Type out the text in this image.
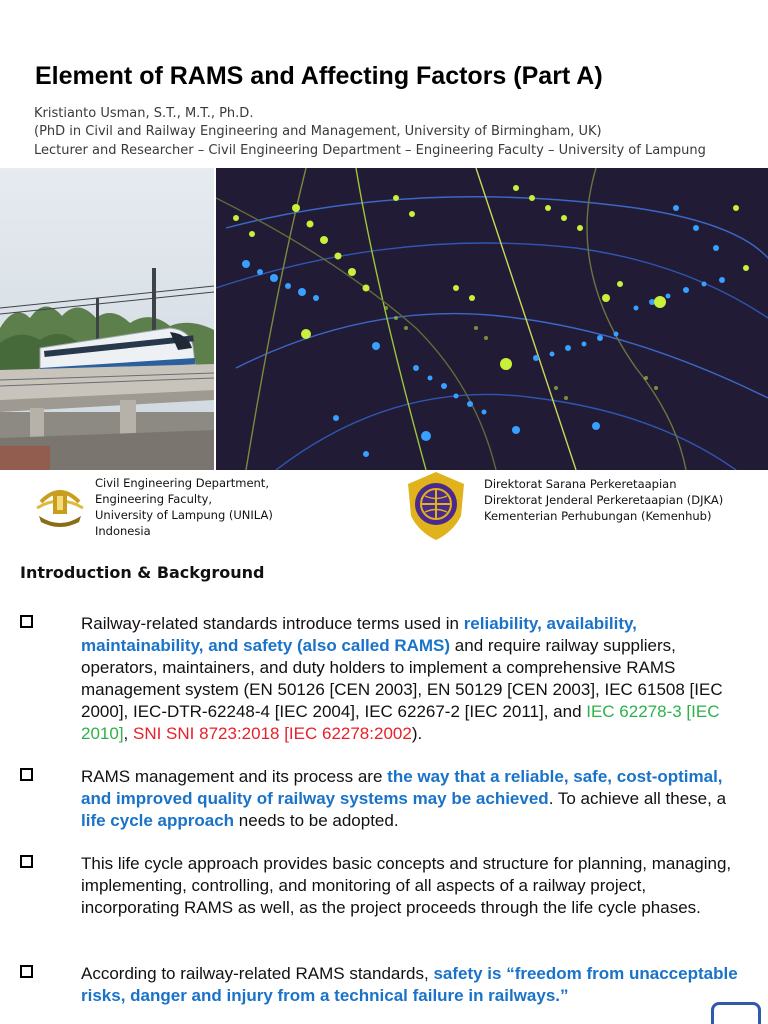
Element of RAMS and Affecting Factors (Part A)
Kristianto Usman, S.T., M.T., Ph.D.
(PhD in Civil and Railway Engineering and Management, University of Birmingham, UK)
Lecturer and Researcher – Civil Engineering Department – Engineering Faculty – University of Lampung
Civil Engineering Department,
Engineering Faculty,
University of Lampung (UNILA)
Indonesia
Direktorat Sarana Perkeretaapian
Direktorat Jenderal Perkeretaapian (DJKA)
Kementerian Perhubungan (Kemenhub)
Introduction & Background
Railway-related standards introduce terms used in reliability, availability, maintainability, and safety (also called RAMS) and require railway suppliers, operators, maintainers, and duty holders to implement a comprehensive RAMS management system (EN 50126 [CEN 2003], EN 50129 [CEN 2003], IEC 61508 [IEC 2000], IEC-DTR-62248-4 [IEC 2004], IEC 62267-2 [IEC 2011], and IEC 62278-3 [IEC 2010], SNI SNI 8723:2018 [IEC 62278:2002).
RAMS management and its process are the way that a reliable, safe, cost-optimal, and improved quality of railway systems may be achieved. To achieve all these, a life cycle approach needs to be adopted.
This life cycle approach provides basic concepts and structure for planning, managing, implementing, controlling, and monitoring of all aspects of a railway project, incorporating RAMS as well, as the project proceeds through the life cycle phases.
According to railway-related RAMS standards, safety is “freedom from unacceptable risks, danger and injury from a technical failure in railways.”
